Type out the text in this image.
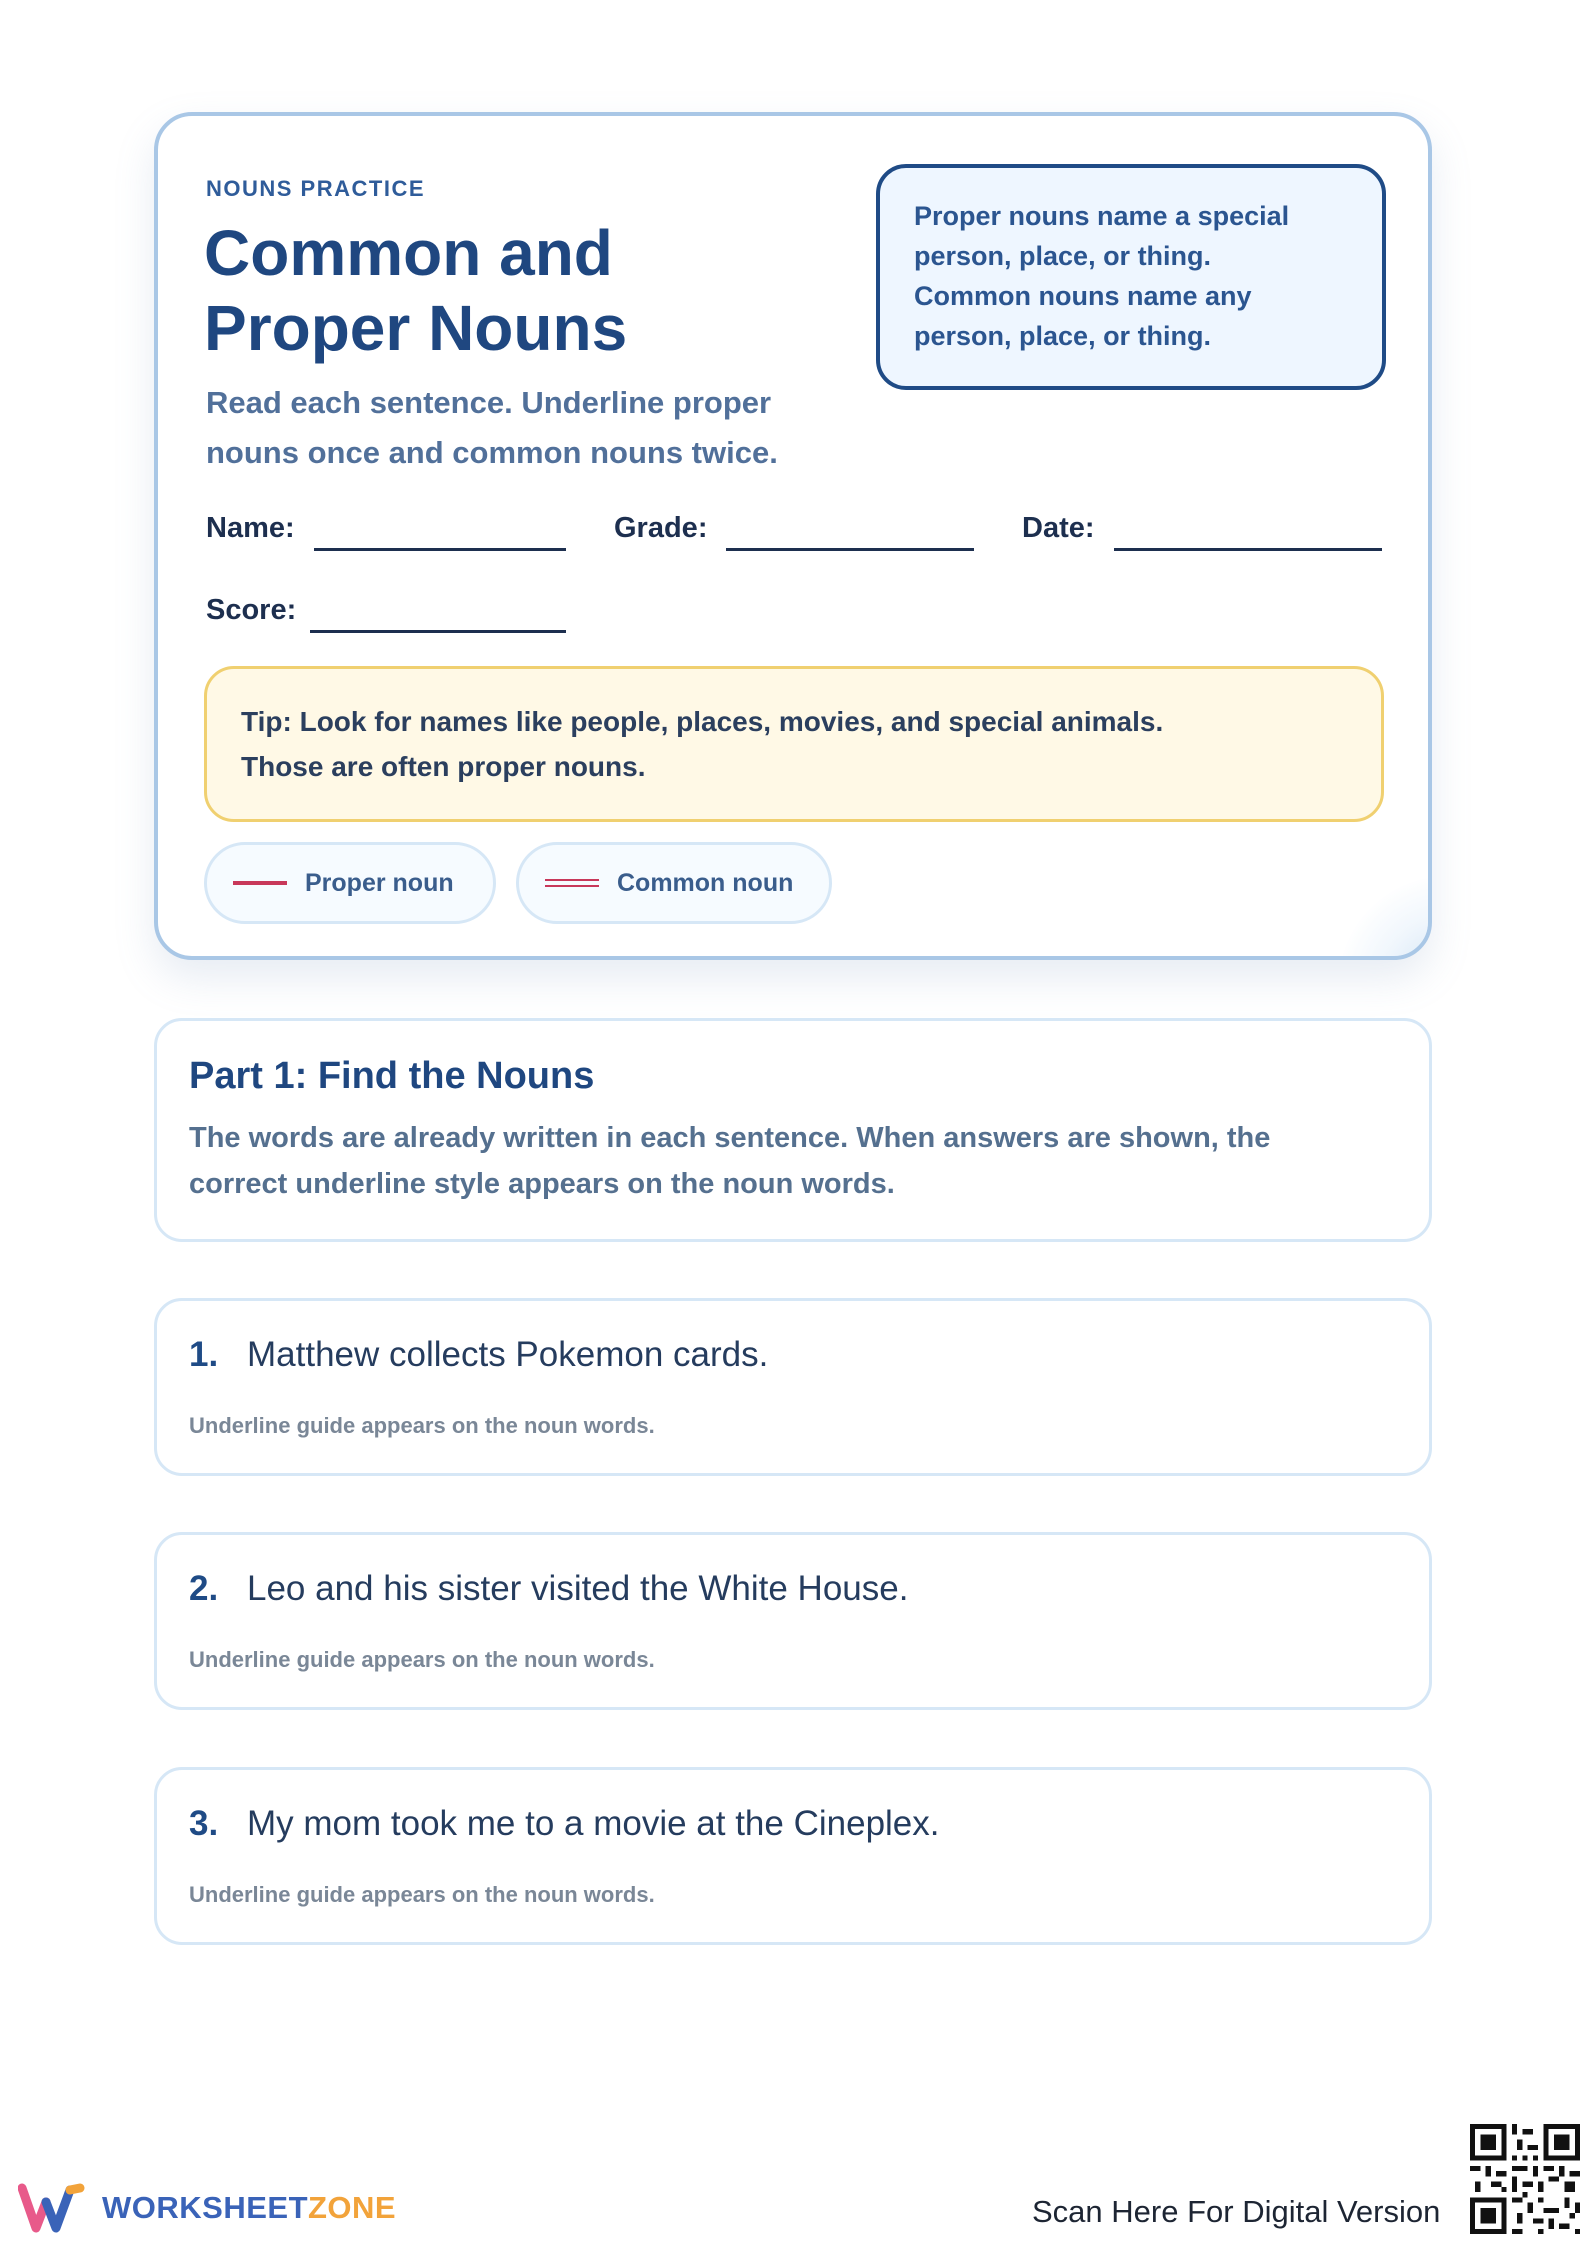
NOUNS PRACTICE
Common and
Proper Nouns

Read each sentence. Underline proper
nouns once and common nouns twice.

Proper nouns name a special
person, place, or thing.
Common nouns name any
person, place, or thing.
Name:	Grade:	Date:
Score:
Tip: Look for names like people, places, movies, and special animals.
Those are often proper nouns.
Proper noun	Common noun
Part 1: Find the Nouns

The words are already written in each sentence. When answers are shown, the
correct underline style appears on the noun words.

1. Matthew collects Pokemon cards.
Underline guide appears on the noun words.
2. Leo and his sister visited the White House.
Underline guide appears on the noun words.
3. My mom took me to a movie at the Cineplex.
Underline guide appears on the noun words.
WORKSHEETZONE	Scan Here For Digital Version
